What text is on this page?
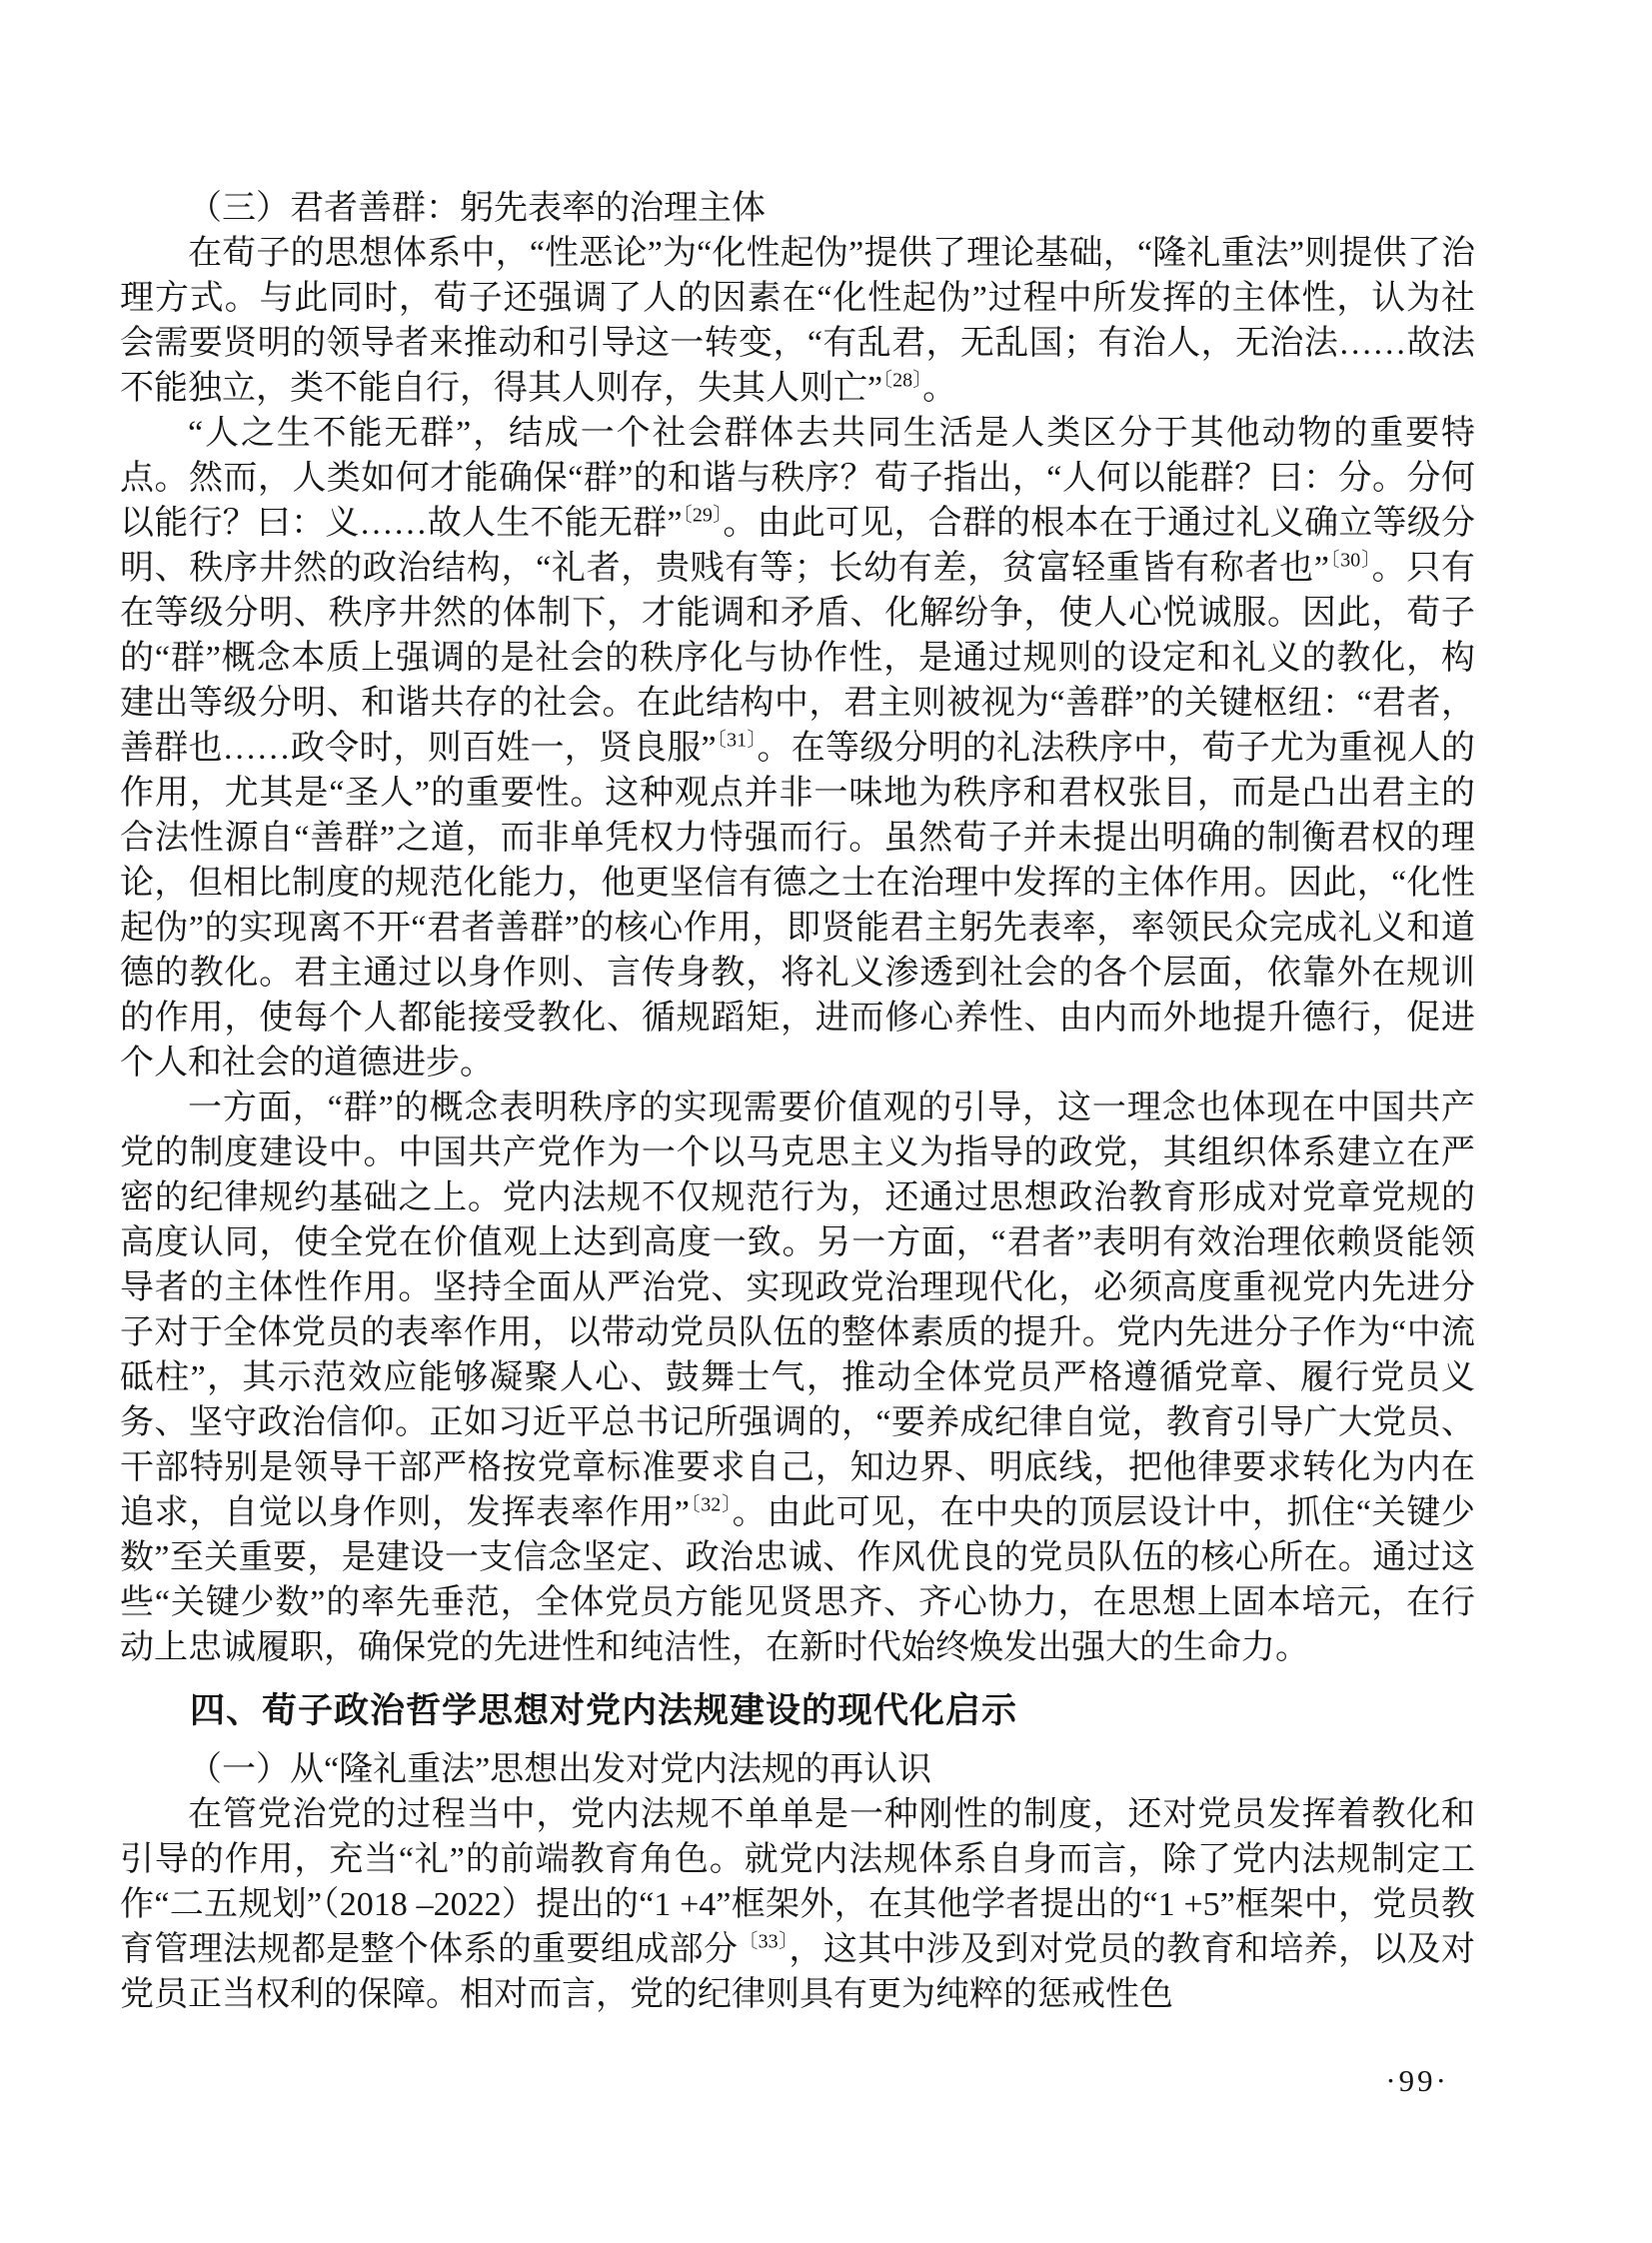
（三）君者善群：躬先表率的治理主体

在荀子的思想体系中，“性恶论”为“化性起伪”提供了理论基础，“隆礼重法”则提供了治理方式。与此同时，荀子还强调了人的因素在“化性起伪”过程中所发挥的主体性，认为社会需要贤明的领导者来推动和引导这一转变，“有乱君，无乱国；有治人，无治法……故法不能独立，类不能自行，得其人则存，失其人则亡”$^{〔28〕}$。

“人之生不能无群”，结成一个社会群体去共同生活是人类区分于其他动物的重要特点。然而，人类如何才能确保“群”的和谐与秩序？荀子指出，“人何以能群？曰：分。分何以能行？曰：义……故人生不能无群”$^{〔29〕}$。由此可见，合群的根本在于通过礼义确立等级分明、秩序井然的政治结构，“礼者，贵贱有等；长幼有差，贫富轻重皆有称者也”$^{〔30〕}$。只有在等级分明、秩序井然的体制下，才能调和矛盾、化解纷争，使人心悦诚服。因此，荀子的“群”概念本质上强调的是社会的秩序化与协作性，是通过规则的设定和礼义的教化，构建出等级分明、和谐共存的社会。在此结构中，君主则被视为“善群”的关键枢纽：“君者，善群也……政令时，则百姓一，贤良服”$^{〔31〕}$。在等级分明的礼法秩序中，荀子尤为重视人的作用，尤其是“圣人”的重要性。这种观点并非一味地为秩序和君权张目，而是凸出君主的合法性源自“善群”之道，而非单凭权力恃强而行。虽然荀子并未提出明确的制衡君权的理论，但相比制度的规范化能力，他更坚信有德之士在治理中发挥的主体作用。因此，“化性起伪”的实现离不开“君者善群”的核心作用，即贤能君主躬先表率，率领民众完成礼义和道德的教化。君主通过以身作则、言传身教，将礼义渗透到社会的各个层面，依靠外在规训的作用，使每个人都能接受教化、循规蹈矩，进而修心养性、由内而外地提升德行，促进个人和社会的道德进步。

一方面，“群”的概念表明秩序的实现需要价值观的引导，这一理念也体现在中国共产党的制度建设中。中国共产党作为一个以马克思主义为指导的政党，其组织体系建立在严密的纪律规约基础之上。党内法规不仅规范行为，还通过思想政治教育形成对党章党规的高度认同，使全党在价值观上达到高度一致。另一方面，“君者”表明有效治理依赖贤能领导者的主体性作用。坚持全面从严治党、实现政党治理现代化，必须高度重视党内先进分子对于全体党员的表率作用，以带动党员队伍的整体素质的提升。党内先进分子作为“中流砥柱”，其示范效应能够凝聚人心、鼓舞士气，推动全体党员严格遵循党章、履行党员义务、坚守政治信仰。正如习近平总书记所强调的，“要养成纪律自觉，教育引导广大党员、干部特别是领导干部严格按党章标准要求自己，知边界、明底线，把他律要求转化为内在追求，自觉以身作则，发挥表率作用”$^{〔32〕}$。由此可见，在中央的顶层设计中，抓住“关键少数”至关重要，是建设一支信念坚定、政治忠诚、作风优良的党员队伍的核心所在。通过这些“关键少数”的率先垂范，全体党员方能见贤思齐、齐心协力，在思想上固本培元，在行动上忠诚履职，确保党的先进性和纯洁性，在新时代始终焕发出强大的生命力。

四、荀子政治哲学思想对党内法规建设的现代化启示
（一）从“隆礼重法”思想出发对党内法规的再认识

在管党治党的过程当中，党内法规不单单是一种刚性的制度，还对党员发挥着教化和引导的作用，充当“礼”的前端教育角色。就党内法规体系自身而言，除了党内法规制定工作“二五规划”（2018 –2022）提出的“1 +4”框架外，在其他学者提出的“1 +5”框架中，党员教育管理法规都是整个体系的重要组成部分$^{〔33〕}$，这其中涉及到对党员的教育和培养，以及对党员正当权利的保障。相对而言，党的纪律则具有更为纯粹的惩戒性色

·99·
